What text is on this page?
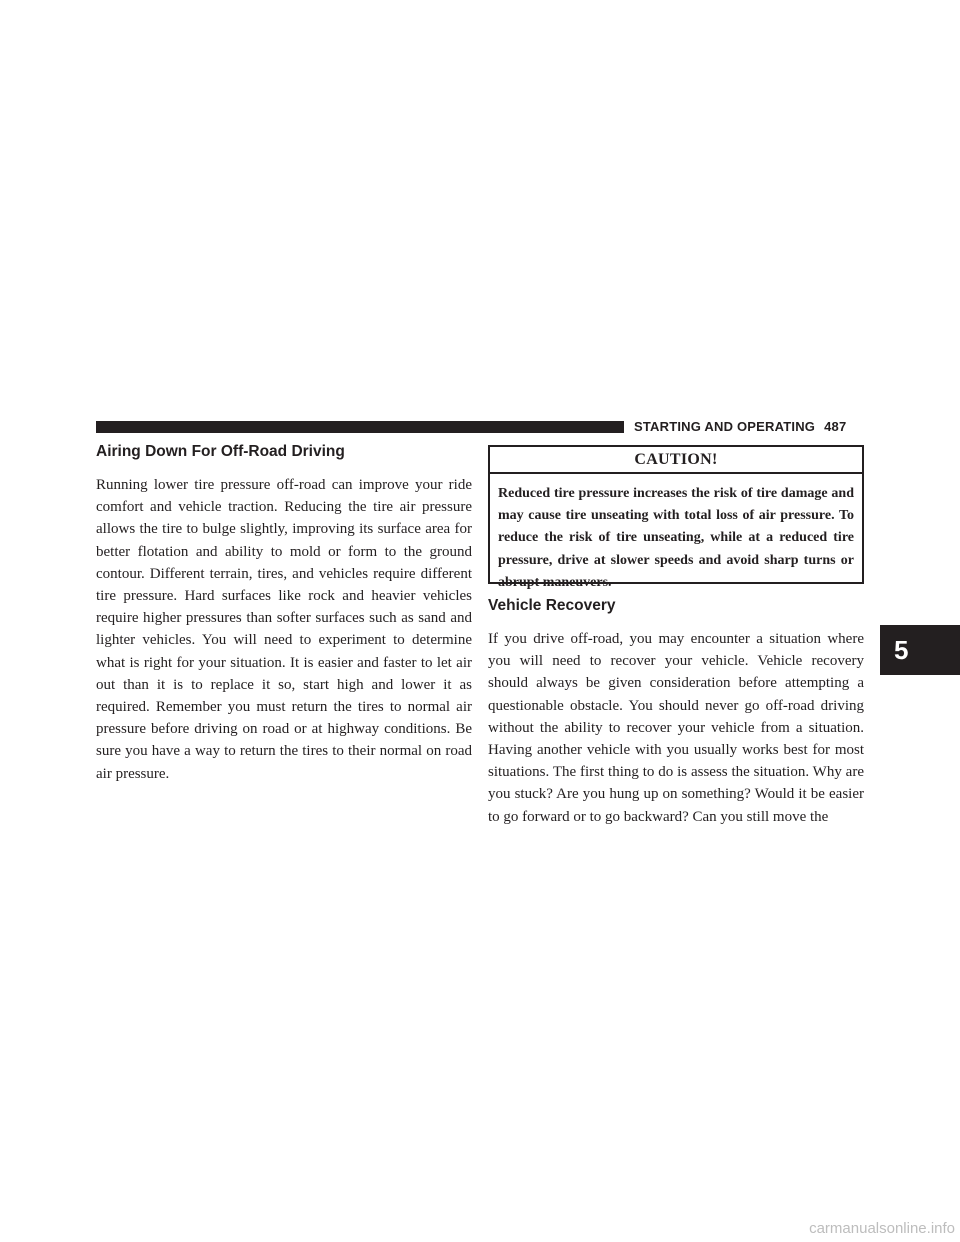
STARTING AND OPERATING 487
Airing Down For Off-Road Driving

Running lower tire pressure off-road can improve your ride comfort and vehicle traction. Reducing the tire air pressure allows the tire to bulge slightly, improving its surface area for better flotation and ability to mold or form to the ground contour. Different terrain, tires, and vehicles require different tire pressure. Hard surfaces like rock and heavier vehicles require higher pressures than softer surfaces such as sand and lighter vehicles. You will need to experiment to determine what is right for your situation. It is easier and faster to let air out than it is to replace it so, start high and lower it as required. Remember you must return the tires to normal air pressure before driving on road or at highway conditions. Be sure you have a way to return the tires to their normal on road air pressure.

CAUTION!
Reduced tire pressure increases the risk of tire damage and may cause tire unseating with total loss of air pressure. To reduce the risk of tire unseating, while at a reduced tire pressure, drive at slower speeds and avoid sharp turns or abrupt maneuvers.
Vehicle Recovery

If you drive off-road, you may encounter a situation where you will need to recover your vehicle. Vehicle recovery should always be given consideration before attempting a questionable obstacle. You should never go off-road driving without the ability to recover your vehicle from a situation. Having another vehicle with you usually works best for most situations. The first thing to do is assess the situation. Why are you stuck? Are you hung up on something? Would it be easier to go forward or to go backward? Can you still move the

5
carmanualsonline.info
